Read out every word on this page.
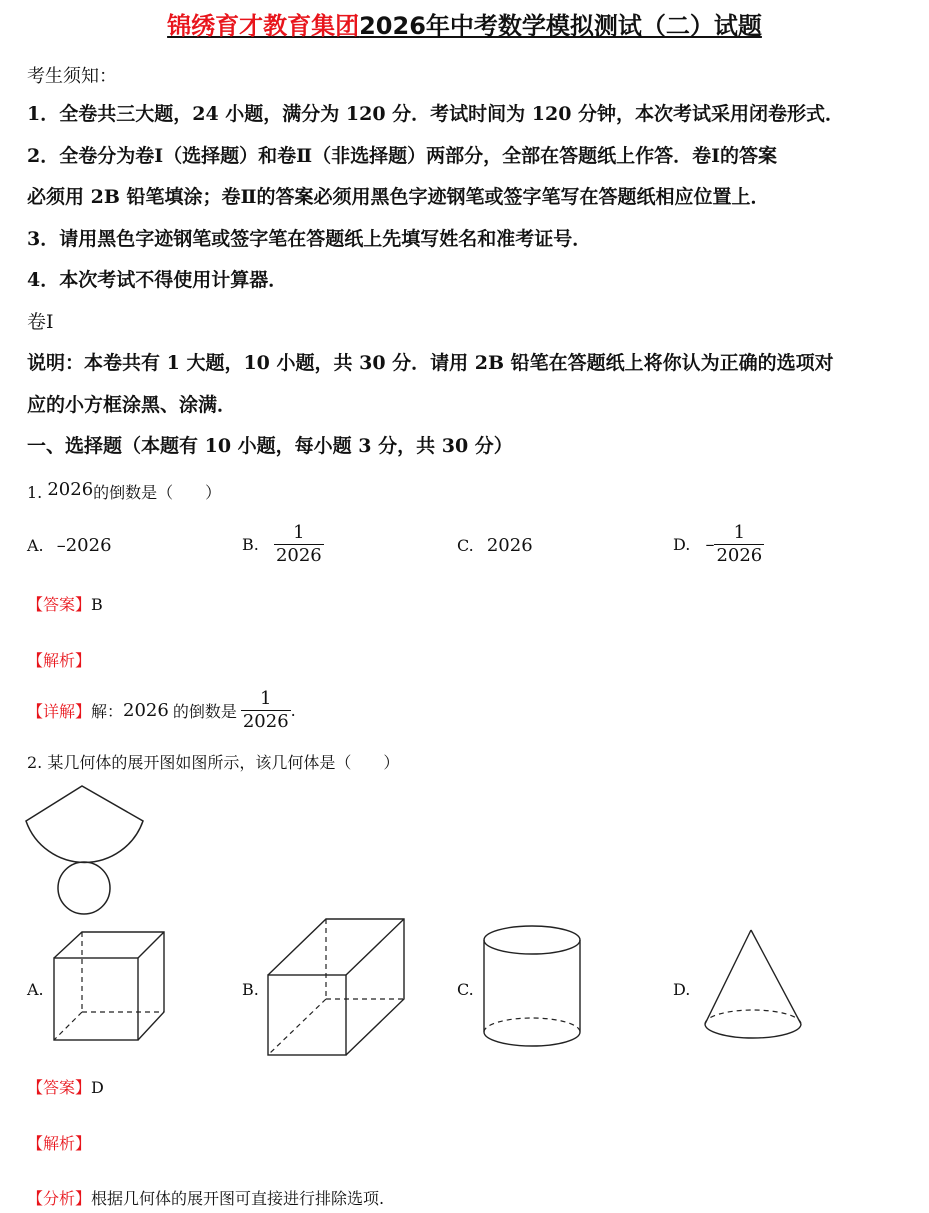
锦绣育才教育集团2026年中考数学模拟测试（二）试题
考生须知：
1．全卷共三大题，24 小题，满分为 120 分．考试时间为 120 分钟，本次考试采用闭卷形式．
2．全卷分为卷Ⅰ（选择题）和卷Ⅱ（非选择题）两部分，全部在答题纸上作答．卷Ⅰ的答案
必须用 2B 铅笔填涂；卷Ⅱ的答案必须用黑色字迹钢笔或签字笔写在答题纸相应位置上．
3．请用黑色字迹钢笔或签字笔在答题纸上先填写姓名和准考证号．
4．本次考试不得使用计算器．
卷Ⅰ
说明：本卷共有 1 大题，10 小题，共 30 分．请用 2B 铅笔在答题纸上将你认为正确的选项对
应的小方框涂黑、涂满．
一、选择题（本题有 10 小题，每小题 3 分，共 30 分）
1. 2026的倒数是（　　）
A. –2026	B. $\frac{1}{2026}$	C. 2026	D. – $\frac{1}{2026}$
【答案】B
【解析】
【详解】解：2026 的倒数是 $\frac{1}{2026}$ .
2. 某几何体的展开图如图所示，该几何体是（　　）
A.	B.	C.	D.
【答案】D
【解析】
【分析】根据几何体的展开图可直接进行排除选项.
